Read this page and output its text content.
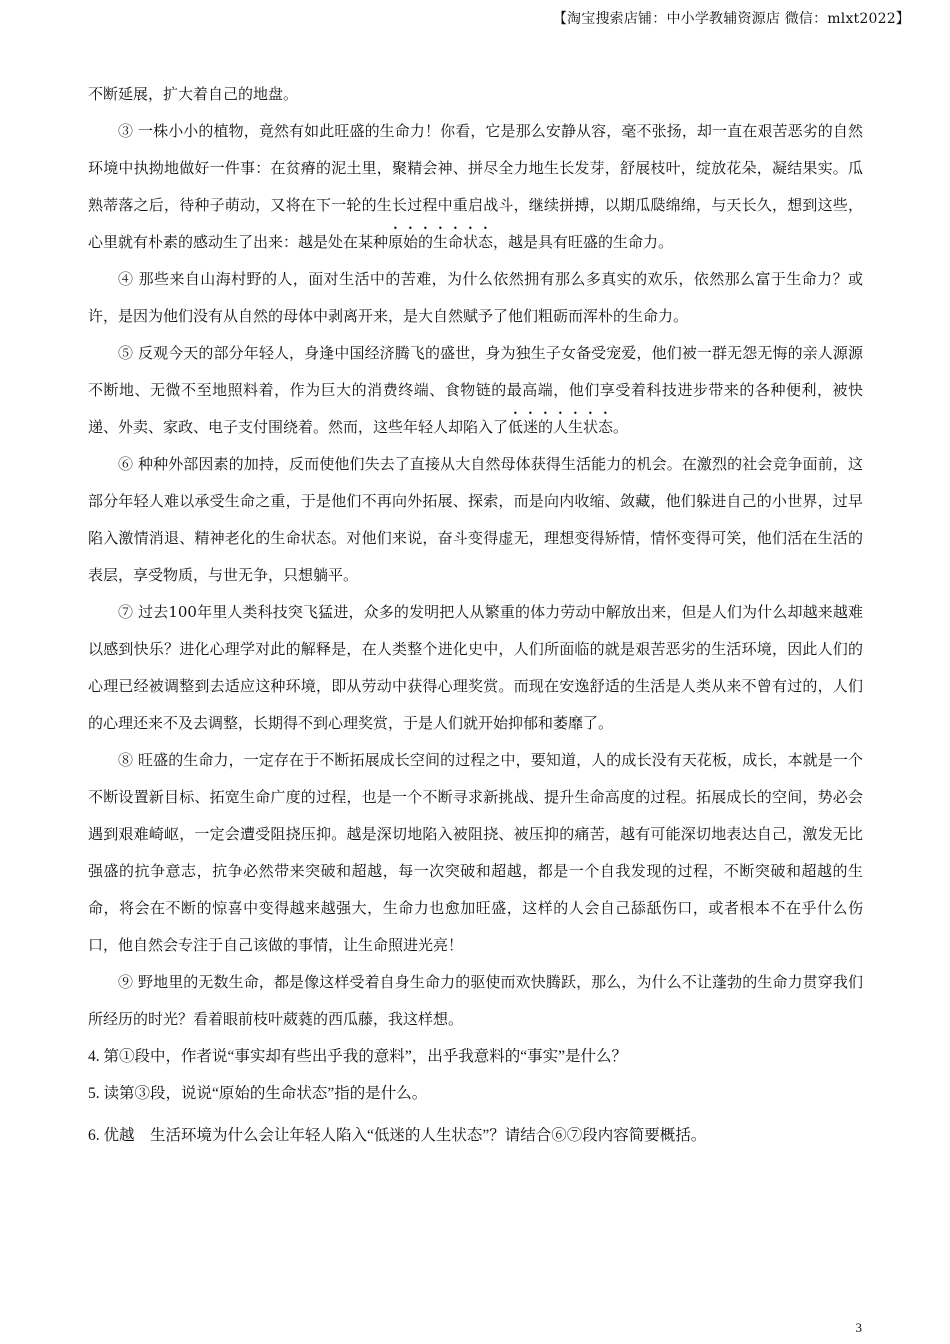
【淘宝搜索店铺：中小学教辅资源店 微信：mlxt2022】

不断延展，扩大着自己的地盘。

③ 一株小小的植物，竟然有如此旺盛的生命力！你看，它是那么安静从容，毫不张扬，却一直在艰苦恶劣的自然环境中执拗地做好一件事：在贫瘠的泥土里，聚精会神、拼尽全力地生长发芽，舒展枝叶，绽放花朵，凝结果实。瓜熟蒂落之后，待种子萌动，又将在下一轮的生长过程中重启战斗，继续拼搏，以期瓜瓞绵绵，与天长久，想到这些，心里就有朴素的感动生了出来：越是处在某种原始的生命状态，越是具有旺盛的生命力。

④ 那些来自山海村野的人，面对生活中的苦难，为什么依然拥有那么多真实的欢乐，依然那么富于生命力？或许，是因为他们没有从自然的母体中剥离开来，是大自然赋予了他们粗砺而浑朴的生命力。

⑤ 反观今天的部分年轻人，身逢中国经济腾飞的盛世，身为独生子女备受宠爱，他们被一群无怨无悔的亲人源源不断地、无微不至地照料着，作为巨大的消费终端、食物链的最高端，他们享受着科技进步带来的各种便利，被快递、外卖、家政、电子支付围绕着。然而，这些年轻人却陷入了低迷的人生状态。

⑥ 种种外部因素的加持，反而使他们失去了直接从大自然母体获得生活能力的机会。在激烈的社会竞争面前，这部分年轻人难以承受生命之重，于是他们不再向外拓展、探索，而是向内收缩、敛藏，他们躲进自己的小世界，过早陷入激情消退、精神老化的生命状态。对他们来说，奋斗变得虚无，理想变得矫情，情怀变得可笑，他们活在生活的表层，享受物质，与世无争，只想躺平。

⑦ 过去100年里人类科技突飞猛进，众多的发明把人从繁重的体力劳动中解放出来，但是人们为什么却越来越难以感到快乐？进化心理学对此的解释是，在人类整个进化史中，人们所面临的就是艰苦恶劣的生活环境，因此人们的心理已经被调整到去适应这种环境，即从劳动中获得心理奖赏。而现在安逸舒适的生活是人类从来不曾有过的，人们的心理还来不及去调整，长期得不到心理奖赏，于是人们就开始抑郁和萎靡了。

⑧ 旺盛的生命力，一定存在于不断拓展成长空间的过程之中，要知道，人的成长没有天花板，成长，本就是一个不断设置新目标、拓宽生命广度的过程，也是一个不断寻求新挑战、提升生命高度的过程。拓展成长的空间，势必会遇到艰难崎岖，一定会遭受阻挠压抑。越是深切地陷入被阻挠、被压抑的痛苦，越有可能深切地表达自己，激发无比强盛的抗争意志，抗争必然带来突破和超越，每一次突破和超越，都是一个自我发现的过程，不断突破和超越的生命，将会在不断的惊喜中变得越来越强大，生命力也愈加旺盛，这样的人会自己舔舐伤口，或者根本不在乎什么伤口，他自然会专注于自己该做的事情，让生命照进光亮！

⑨ 野地里的无数生命，都是像这样受着自身生命力的驱使而欢快腾跃，那么，为什么不让蓬勃的生命力贯穿我们所经历的时光？看着眼前枝叶葳蕤的西瓜藤，我这样想。

4. 第①段中，作者说“事实却有些出乎我的意料”，出乎我意料的“事实”是什么？

5. 读第③段，说说“原始的生命状态”指的是什么。

6. 优越　生活环境为什么会让年轻人陷入“低迷的人生状态”？请结合⑥⑦段内容简要概括。

3
